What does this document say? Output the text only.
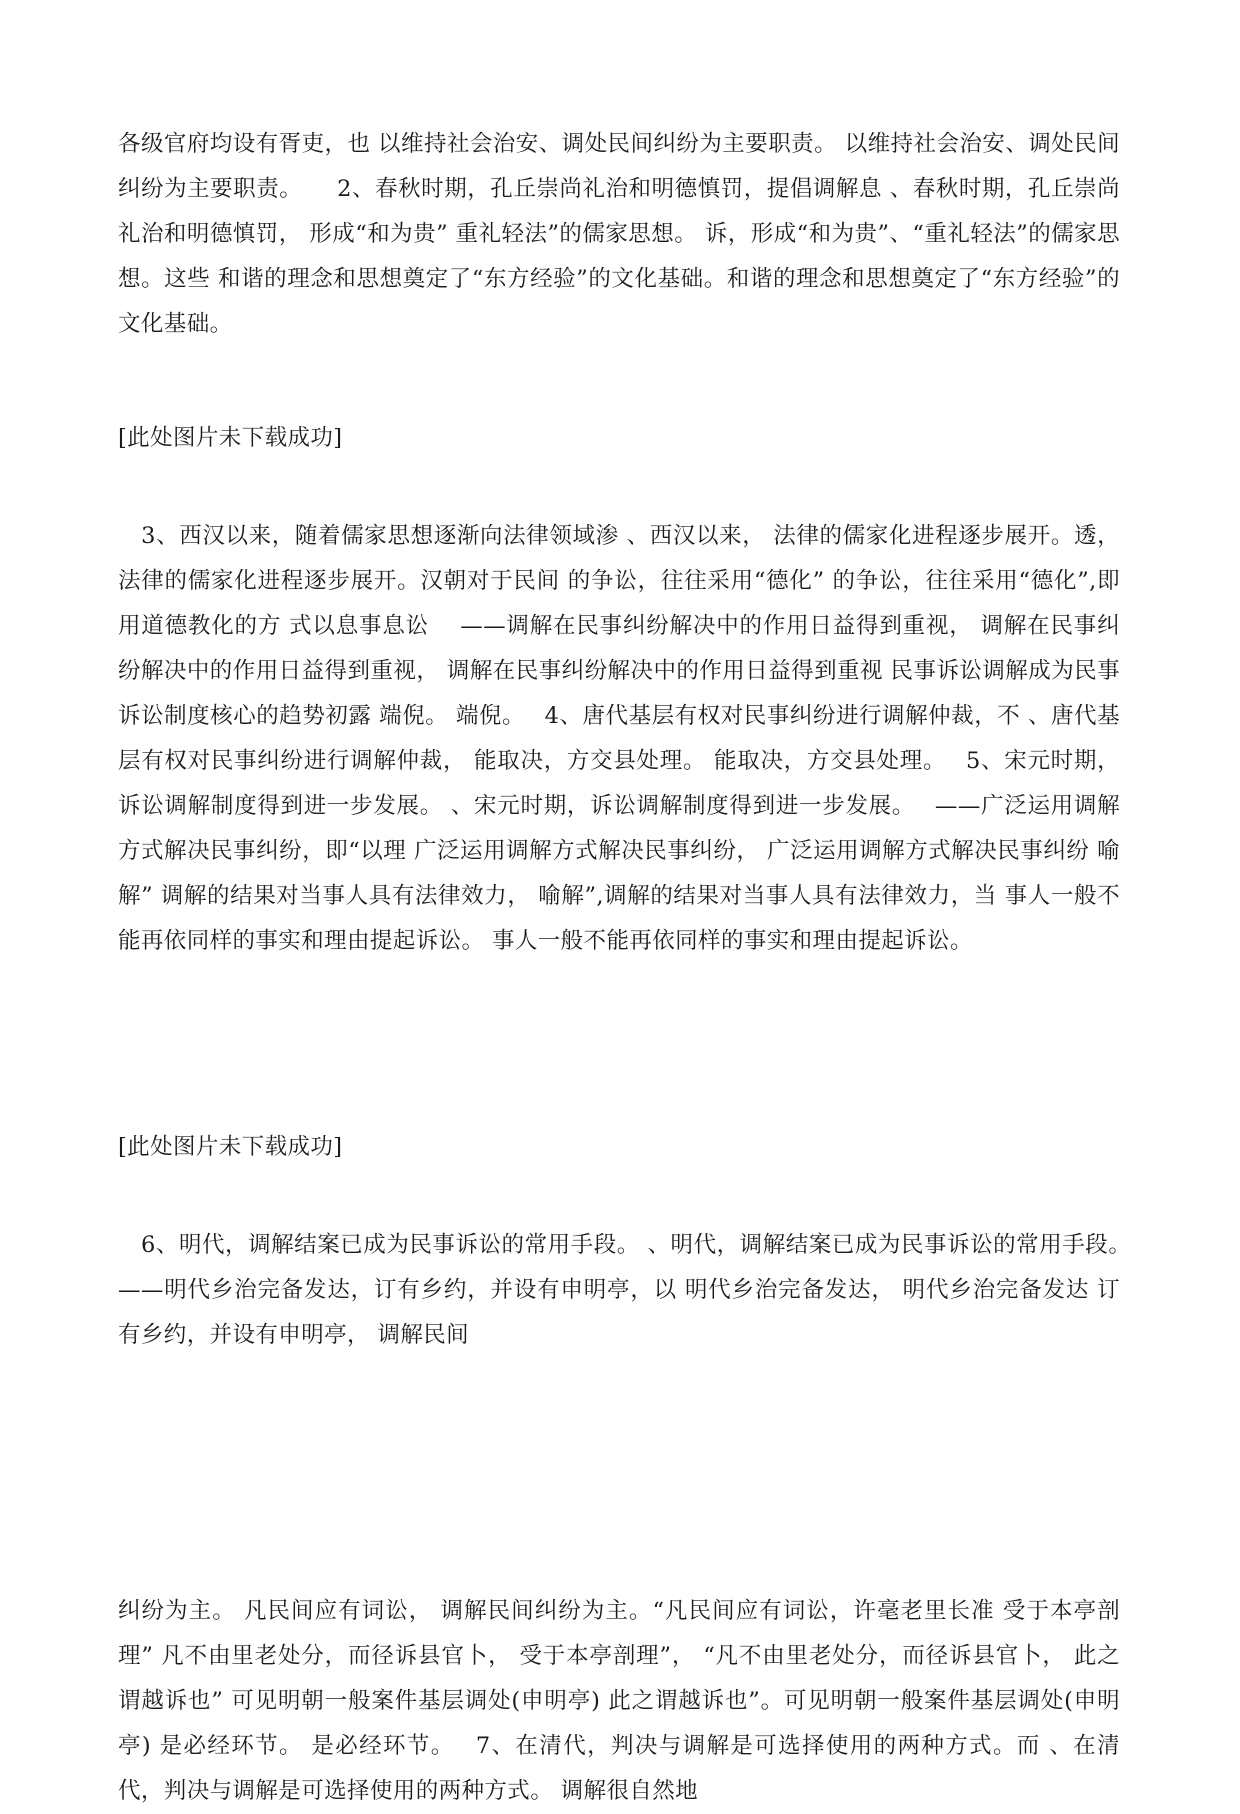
各级官府均设有胥吏，也 以维持社会治安、调处民间纠纷为主要职责。 以维持社会治安、调处民间纠纷为主要职责。　　2、春秋时期，孔丘崇尚礼治和明德慎罚，提倡调解息 、春秋时期，孔丘崇尚礼治和明德慎罚， 形成“和为贵” 重礼轻法”的儒家思想。 诉，形成“和为贵”、“重礼轻法”的儒家思想。这些 和谐的理念和思想奠定了“东方经验”的文化基础。和谐的理念和思想奠定了“东方经验”的文化基础。

[此处图片未下载成功]

　3、西汉以来，随着儒家思想逐渐向法律领域渗 、西汉以来， 法律的儒家化进程逐步展开。透，法律的儒家化进程逐步展开。汉朝对于民间 的争讼，往往采用“德化” 的争讼，往往采用“德化”,即用道德教化的方 式以息事息讼　 ——调解在民事纠纷解决中的作用日益得到重视， 调解在民事纠纷解决中的作用日益得到重视， 调解在民事纠纷解决中的作用日益得到重视 民事诉讼调解成为民事诉讼制度核心的趋势初露 端倪。 端倪。　 4、唐代基层有权对民事纠纷进行调解仲裁，不 、唐代基层有权对民事纠纷进行调解仲裁， 能取决，方交县处理。 能取决，方交县处理。　 5、宋元时期，诉讼调解制度得到进一步发展。 、宋元时期，诉讼调解制度得到进一步发展。　 ——广泛运用调解方式解决民事纠纷，即“以理 广泛运用调解方式解决民事纠纷， 广泛运用调解方式解决民事纠纷 喻解” 调解的结果对当事人具有法律效力， 喻解”,调解的结果对当事人具有法律效力，当 事人一般不能再依同样的事实和理由提起诉讼。 事人一般不能再依同样的事实和理由提起诉讼。

[此处图片未下载成功]

　6、明代，调解结案已成为民事诉讼的常用手段。 、明代，调解结案已成为民事诉讼的常用手段。　 ——明代乡治完备发达，订有乡约，并设有申明亭，以 明代乡治完备发达， 明代乡治完备发达 订有乡约，并设有申明亭， 调解民间

纠纷为主。 凡民间应有词讼， 调解民间纠纷为主。“凡民间应有词讼，许毫老里长准 受于本亭剖理” 凡不由里老处分，而径诉县官卜， 受于本亭剖理”， “凡不由里老处分，而径诉县官卜， 此之谓越诉也” 可见明朝一般案件基层调处(申明亭) 此之谓越诉也”。可见明朝一般案件基层调处(申明亭) 是必经环节。 是必经环节。　 7、在清代，判决与调解是可选择使用的两种方式。而 、在清代，判决与调解是可选择使用的两种方式。 调解很自然地
